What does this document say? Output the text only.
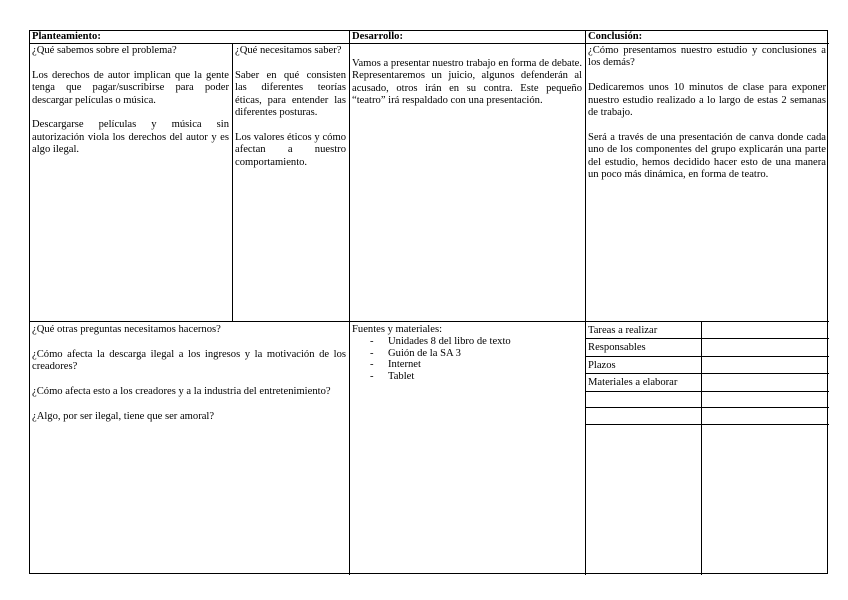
Planteamiento:	Desarrollo:	Conclusión:

¿Qué sabemos sobre el problema?

Los derechos de autor implican que la gente tenga que pagar/suscribirse para poder descargar películas o música.

Descargarse películas y música sin autorización viola los derechos del autor y es algo ilegal.

¿Qué necesitamos saber?

Saber en qué consisten las diferentes teorías éticas, para entender las diferentes posturas.

Los valores éticos y cómo afectan a nuestro comportamiento.

Vamos a presentar nuestro trabajo en forma de debate. Representaremos un juicio, algunos defenderán al acusado, otros irán en su contra. Este pequeño “teatro” irá respaldado con una presentación.

¿Cómo presentamos nuestro estudio y conclusiones a los demás?

Dedicaremos unos 10 minutos de clase para exponer nuestro estudio realizado a lo largo de estas 2 semanas de trabajo.

Será a través de una presentación de canva donde cada uno de los componentes del grupo explicarán una parte del estudio, hemos decidido hacer esto de una manera un poco más dinámica, en forma de teatro.

¿Qué otras preguntas necesitamos hacernos?

¿Cómo afecta la descarga ilegal a los ingresos y la motivación de los creadores?

¿Cómo afecta esto a los creadores y a la industria del entretenimiento?

¿Algo, por ser ilegal, tiene que ser amoral?

Fuentes y materiales:

- Unidades 8 del libro de texto
- Guión de la SA 3
- Internet
- Tablet
Tareas a realizar
Responsables
Plazos
Materiales a elaborar
